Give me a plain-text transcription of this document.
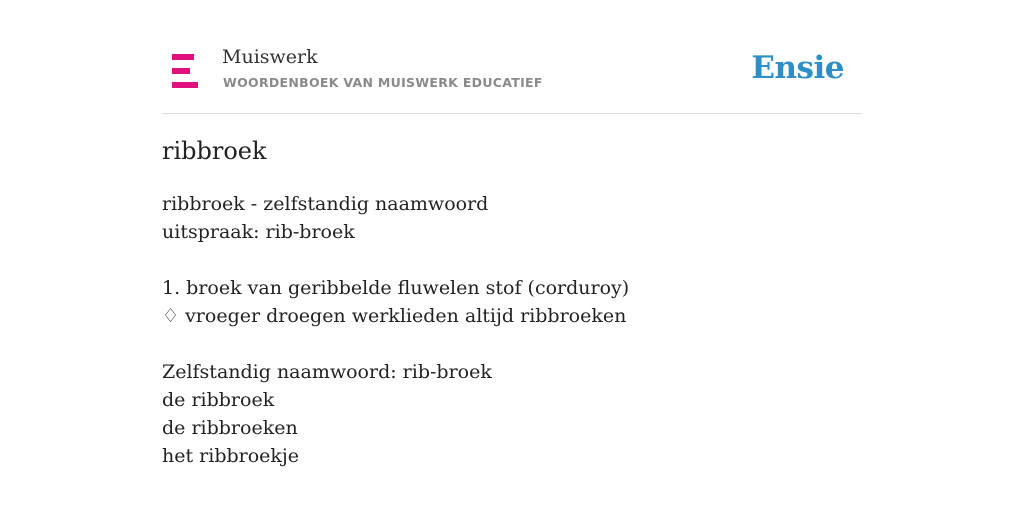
Muiswerk
WOORDENBOEK VAN MUISWERK EDUCATIEF	Ensie
ribbroek
ribbroek - zelfstandig naamwoord
uitspraak: rib-broek
1. broek van geribbelde fluwelen stof (corduroy)
♢ vroeger droegen werklieden altijd ribbroeken
Zelfstandig naamwoord: rib-broek
de ribbroek
de ribbroeken
het ribbroekje
